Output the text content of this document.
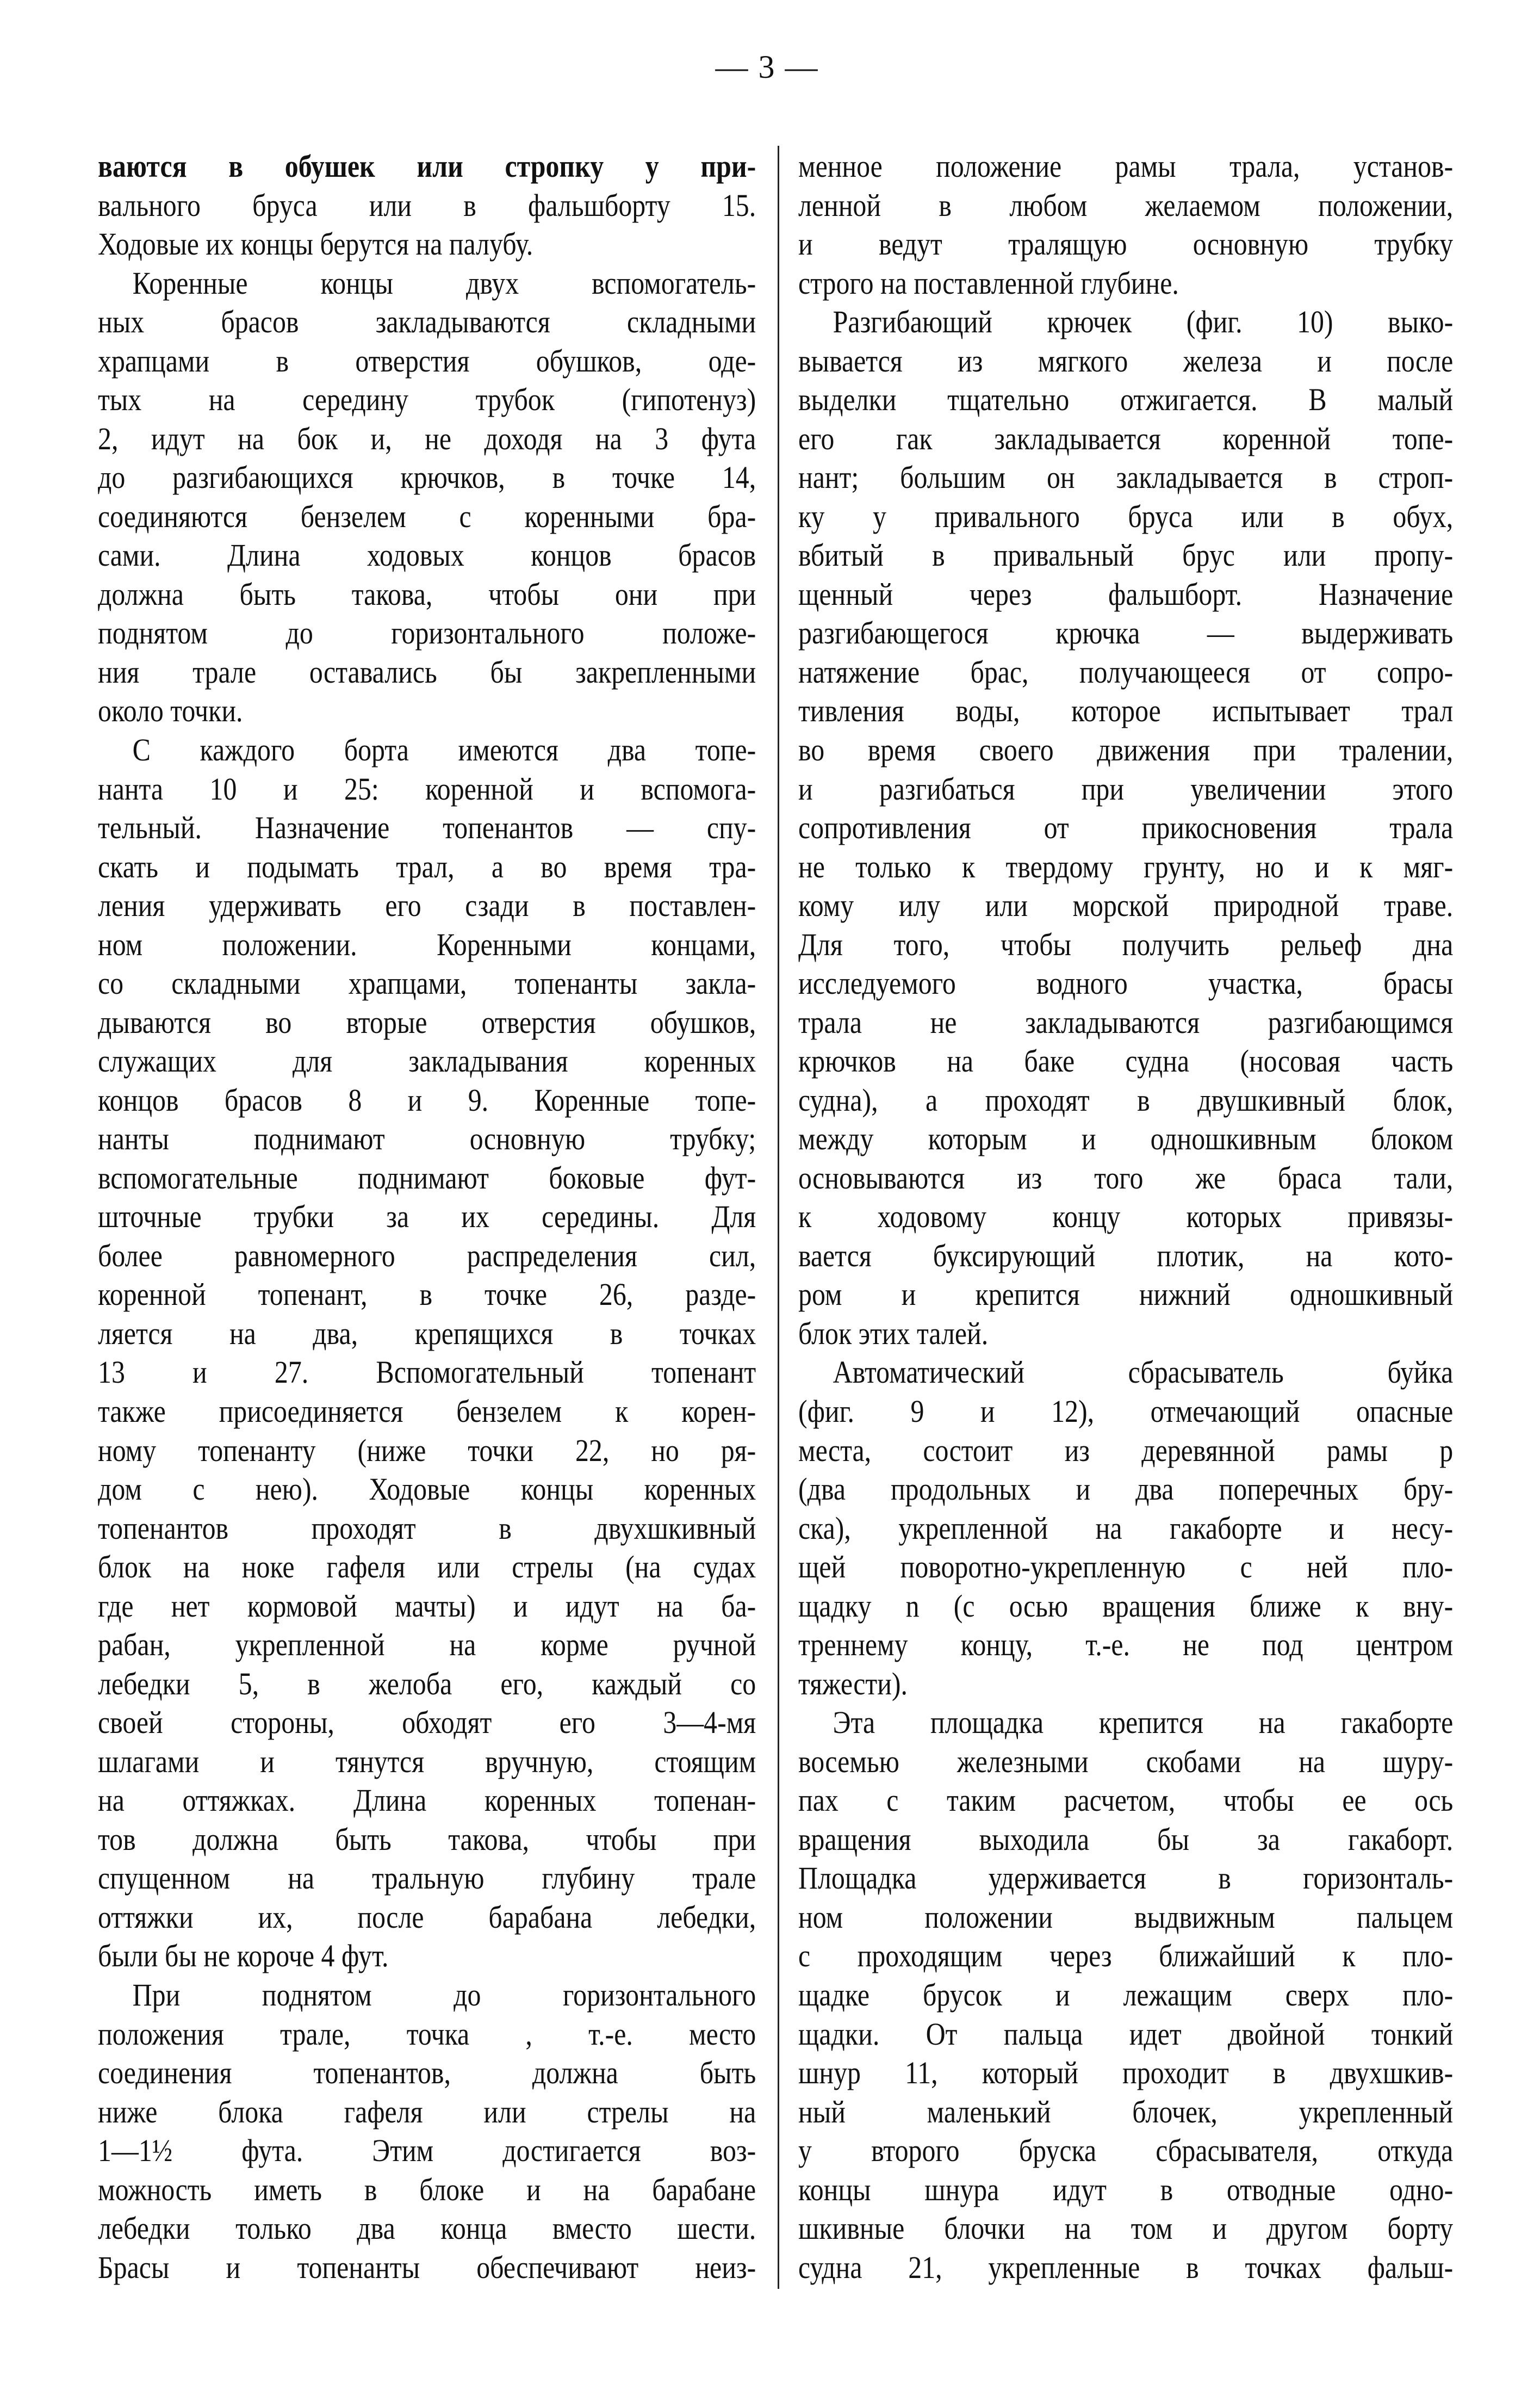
— 3 —
ваются в обушек или стропку у при-
вального бруса или в фальшборту 15.
Ходовые их концы берутся на палубу.
Коренные концы двух вспомогатель-
ных брасов закладываются складными
храпцами в отверстия обушков, оде-
тых на середину трубок (гипотенуз)
2, идут на бок и, не доходя на 3 фута
до разгибающихся крючков, в точке 14,
соединяются бензелем с коренными бра-
сами. Длина ходовых концов брасов
должна быть такова, чтобы они при
поднятом до горизонтального положе-
ния трале оставались бы закрепленными
около точки.
С каждого борта имеются два топе-
нанта 10 и 25: коренной и вспомога-
тельный. Назначение топенантов — спу-
скать и подымать трал, а во время тра-
ления удерживать его сзади в поставлен-
ном положении. Коренными концами,
со складными храпцами, топенанты закла-
дываются во вторые отверстия обушков,
служащих для закладывания коренных
концов брасов 8 и 9. Коренные топе-
нанты поднимают основную трубку;
вспомогательные поднимают боковые фут-
шточные трубки за их середины. Для
более равномерного распределения сил,
коренной топенант, в точке 26, разде-
ляется на два, крепящихся в точках
13 и 27. Вспомогательный топенант
также присоединяется бензелем к корен-
ному топенанту (ниже точки 22, но ря-
дом с нею). Ходовые концы коренных
топенантов проходят в двухшкивный
блок на ноке гафеля или стрелы (на судах
где нет кормовой мачты) и идут на ба-
рабан, укрепленной на корме ручной
лебедки 5, в желоба его, каждый со
своей стороны, обходят его 3—4-мя
шлагами и тянутся вручную, стоящим
на оттяжках. Длина коренных топенан-
тов должна быть такова, чтобы при
спущенном на тральную глубину трале
оттяжки их, после барабана лебедки,
были бы не короче 4 фут.
При поднятом до горизонтального
положения трале, точка , т.-е. место
соединения топенантов, должна быть
ниже блока гафеля или стрелы на
1—1½ фута. Этим достигается воз-
можность иметь в блоке и на барабане
лебедки только два конца вместо шести.
Брасы и топенанты обеспечивают неиз-
менное положение рамы трала, установ-
ленной в любом желаемом положении,
и ведут тралящую основную трубку
строго на поставленной глубине.
Разгибающий крючек (фиг. 10) выко-
вывается из мягкого железа и после
выделки тщательно отжигается. В малый
его гак закладывается коренной топе-
нант; большим он закладывается в строп-
ку у привального бруса или в обух,
вбитый в привальный брус или пропу-
щенный через фальшборт. Назначение
разгибающегося крючка — выдерживать
натяжение брас, получающееся от сопро-
тивления воды, которое испытывает трал
во время своего движения при тралении,
и разгибаться при увеличении этого
сопротивления от прикосновения трала
не только к твердому грунту, но и к мяг-
кому илу или морской природной траве.
Для того, чтобы получить рельеф дна
исследуемого водного участка, брасы
трала не закладываются разгибающимся
крючков на баке судна (носовая часть
судна), а проходят в двушкивный блок,
между которым и одношкивным блоком
основываются из того же браса тали,
к ходовому концу которых привязы-
вается буксирующий плотик, на кото-
ром и крепится нижний одношкивный
блок этих талей.
Автоматический сбрасыватель буйка
(фиг. 9 и 12), отмечающий опасные
места, состоит из деревянной рамы p
(два продольных и два поперечных бру-
ска), укрепленной на гакаборте и несу-
щей поворотно-укрепленную с ней пло-
щадку n (с осью вращения ближе к вну-
треннему концу, т.-е. не под центром
тяжести).
Эта площадка крепится на гакаборте
восемью железными скобами на шуру-
пах с таким расчетом, чтобы ее ось
вращения выходила бы за гакаборт.
Площадка удерживается в горизонталь-
ном положении выдвижным пальцем
с проходящим через ближайший к пло-
щадке брусок и лежащим сверх пло-
щадки. От пальца идет двойной тонкий
шнур 11, который проходит в двухшкив-
ный маленький блочек, укрепленный
у второго бруска сбрасывателя, откуда
концы шнура идут в отводные одно-
шкивные блочки на том и другом борту
судна 21, укрепленные в точках фальш-
